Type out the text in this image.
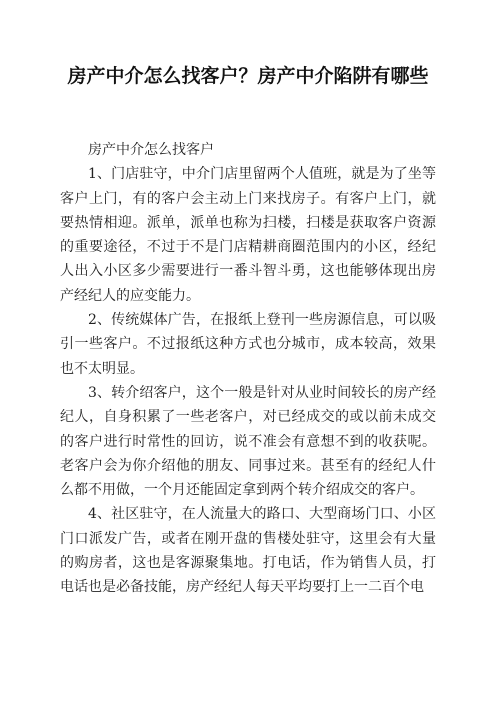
房产中介怎么找客户？房产中介陷阱有哪些

房产中介怎么找客户

1、门店驻守，中介门店里留两个人值班，就是为了坐等客户上门，有的客户会主动上门来找房子。有客户上门，就要热情相迎。派单，派单也称为扫楼，扫楼是获取客户资源的重要途径，不过于不是门店精耕商圈范围内的小区，经纪人出入小区多少需要进行一番斗智斗勇，这也能够体现出房产经纪人的应变能力。

2、传统媒体广告，在报纸上登刊一些房源信息，可以吸引一些客户。不过报纸这种方式也分城市，成本较高，效果也不太明显。

3、转介绍客户，这个一般是针对从业时间较长的房产经纪人，自身积累了一些老客户，对已经成交的或以前未成交的客户进行时常性的回访，说不准会有意想不到的收获呢。老客户会为你介绍他的朋友、同事过来。甚至有的经纪人什么都不用做，一个月还能固定拿到两个转介绍成交的客户。

4、社区驻守，在人流量大的路口、大型商场门口、小区门口派发广告，或者在刚开盘的售楼处驻守，这里会有大量的购房者，这也是客源聚集地。打电话，作为销售人员，打电话也是必备技能，房产经纪人每天平均要打上一二百个电
